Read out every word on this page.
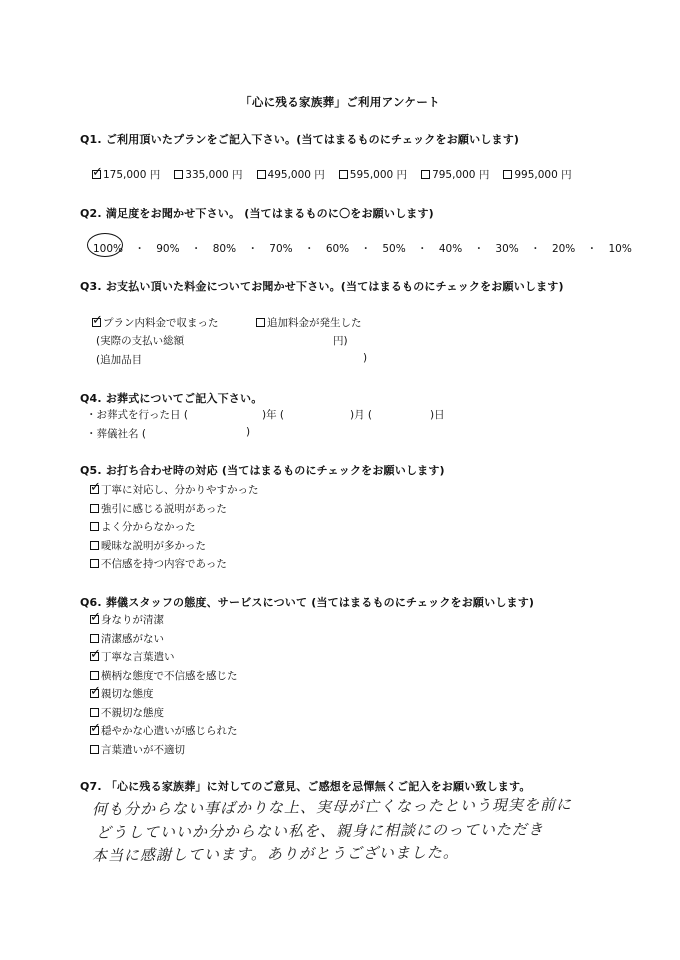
「心に残る家族葬」ご利用アンケート
Q1. ご利用頂いたプランをご記入下さい。(当てはまるものにチェックをお願いします)
✓ 175,000 円	335,000 円	495,000 円	595,000 円	795,000 円	995,000 円
Q2. 満足度をお聞かせ下さい。 (当てはまるものに〇をお願いします)
100% ・ 90% ・ 80% ・ 70% ・ 60% ・ 50% ・ 40% ・ 30% ・ 20% ・ 10%
Q3. お支払い頂いた料金についてお聞かせ下さい。(当てはまるものにチェックをお願いします)
✓ プラン内料金で収まった	追加料金が発生した
(実際の支払い総額	円)
(追加品目	)
Q4. お葬式についてご記入下さい。
・お葬式を行った日 (	)年 (	)月 (	)日
・葬儀社名 (	)
Q5. お打ち合わせ時の対応 (当てはまるものにチェックをお願いします)
✓ 丁寧に対応し、分かりやすかった
強引に感じる説明があった
よく分からなかった
曖昧な説明が多かった
不信感を持つ内容であった
Q6. 葬儀スタッフの態度、サービスについて (当てはまるものにチェックをお願いします)
✓ 身なりが清潔
清潔感がない
✓ 丁寧な言葉遣い
横柄な態度で不信感を感じた
✓ 親切な態度
不親切な態度
✓ 穏やかな心遣いが感じられた
言葉遣いが不適切
Q7. 「心に残る家族葬」に対してのご意見、ご感想を忌憚無くご記入をお願い致します。
何も分からない事ばかりな上、実母が亡くなったという現実を前に
どうしていいか分からない私を、親身に相談にのっていただき
本当に感謝しています。ありがとうございました。
